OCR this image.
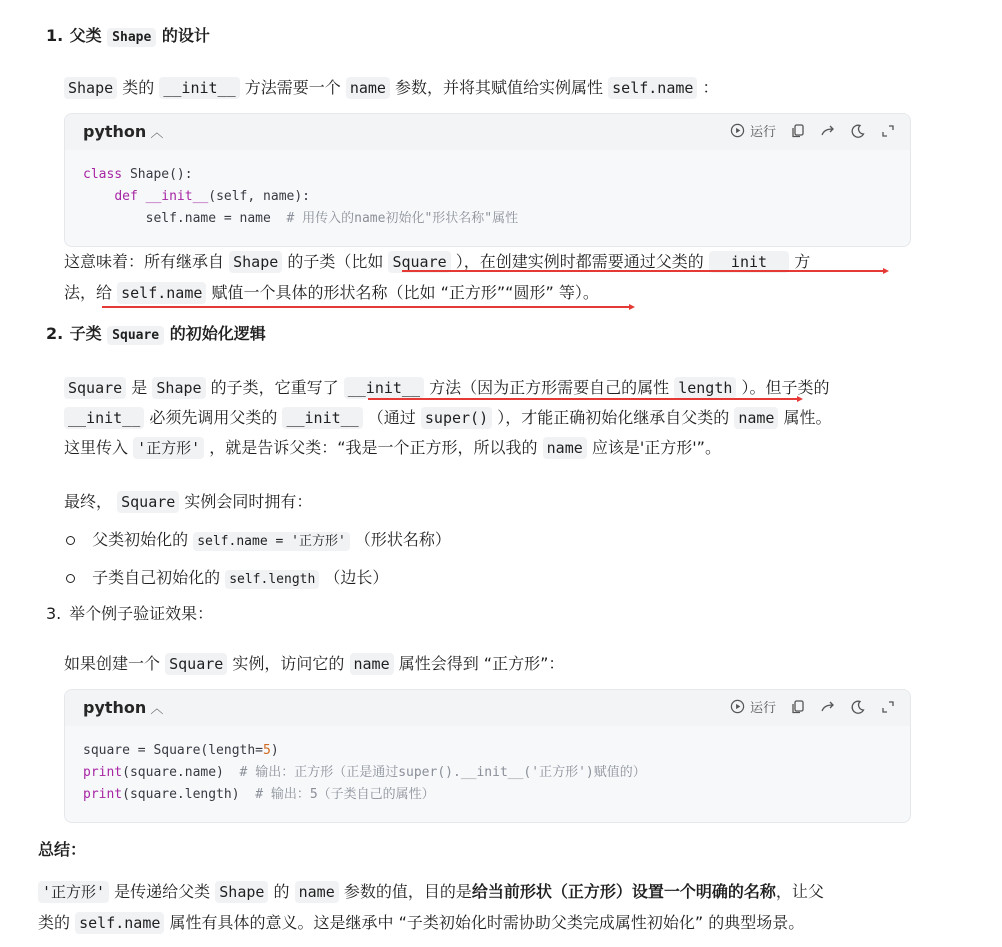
1. 父类 Shape 的设计
Shape 类的 __init__ 方法需要一个 name 参数，并将其赋值给实例属性 self.name ：
python ︿	运行
class Shape():
def __init__(self, name):
self.name = name  # 用传入的name初始化"形状名称"属性
这意味着：所有继承自 Shape 的子类（比如 Square ），在创建实例时都需要通过父类的 __init__ 方
法，给 self.name 赋值一个具体的形状名称（比如 “正方形”“圆形” 等）。
2. 子类 Square 的初始化逻辑
Square 是 Shape 的子类，它重写了 __init__ 方法（因为正方形需要自己的属性 length ）。但子类的
__init__ 必须先调用父类的 __init__ （通过 super() ），才能正确初始化继承自父类的 name 属性。
这里传入 '正方形' ，就是告诉父类：“我是一个正方形，所以我的 name 应该是'正方形'”。
最终， Square 实例会同时拥有：
父类初始化的 self.name = '正方形' （形状名称）
子类自己初始化的 self.length （边长）
3. 举个例子验证效果：
如果创建一个 Square 实例，访问它的 name 属性会得到 “正方形”：
python ︿	运行
square = Square(length=5)
print(square.name)  # 输出：正方形（正是通过super().__init__('正方形')赋值的）
print(square.length)  # 输出：5（子类自己的属性）
总结：
'正方形' 是传递给父类 Shape 的 name 参数的值，目的是给当前形状（正方形）设置一个明确的名称，让父
类的 self.name 属性有具体的意义。这是继承中 “子类初始化时需协助父类完成属性初始化” 的典型场景。
